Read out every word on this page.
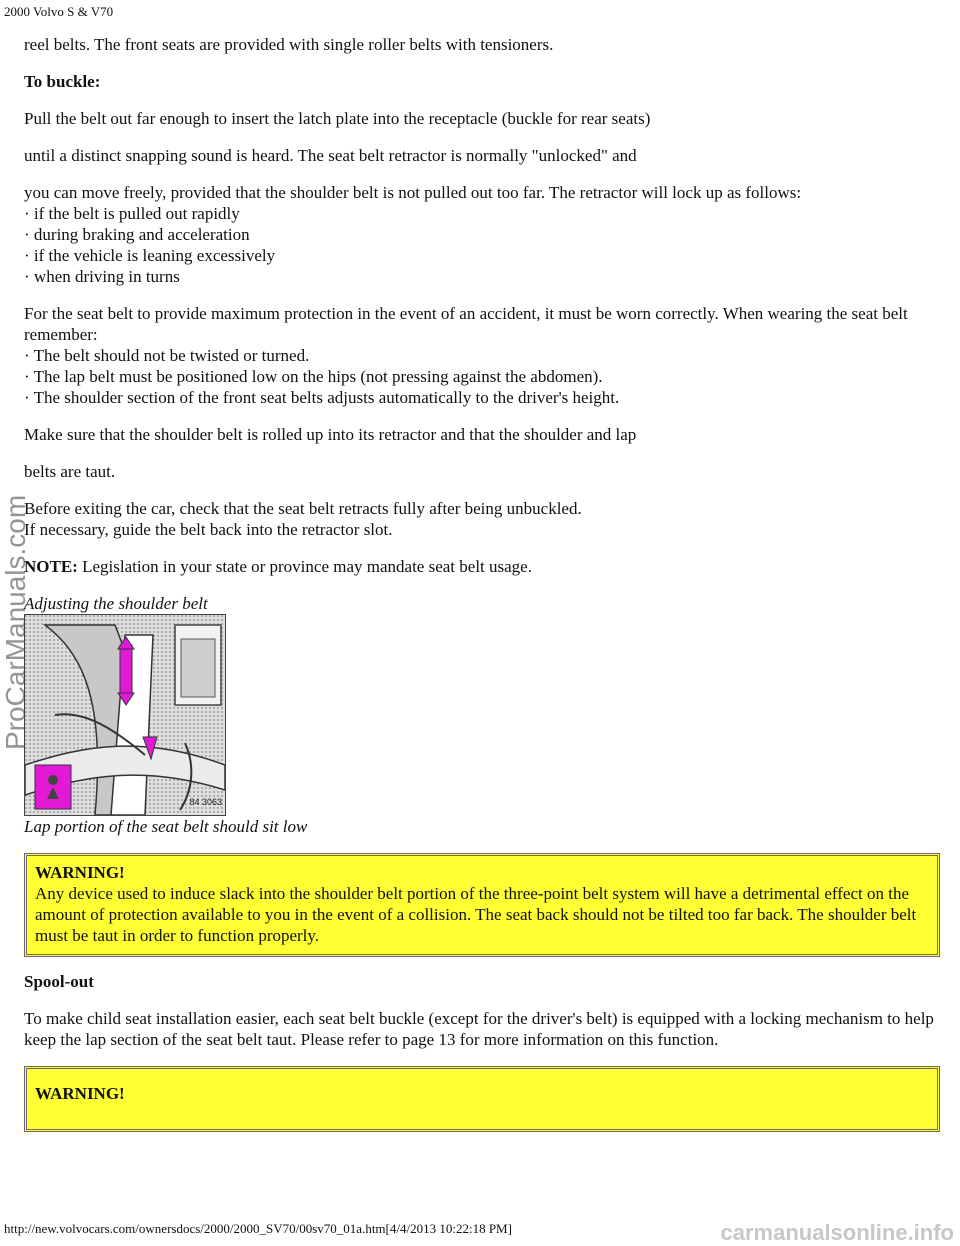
2000 Volvo S & V70
reel belts. The front seats are provided with single roller belts with tensioners.
To buckle:
Pull the belt out far enough to insert the latch plate into the receptacle (buckle for rear seats)
until a distinct snapping sound is heard. The seat belt retractor is normally "unlocked" and
you can move freely, provided that the shoulder belt is not pulled out too far. The retractor will lock up as follows:
· if the belt is pulled out rapidly
· during braking and acceleration
· if the vehicle is leaning excessively
· when driving in turns
For the seat belt to provide maximum protection in the event of an accident, it must be worn correctly. When wearing the seat belt remember:
· The belt should not be twisted or turned.
· The lap belt must be positioned low on the hips (not pressing against the abdomen).
· The shoulder section of the front seat belts adjusts automatically to the driver's height.
Make sure that the shoulder belt is rolled up into its retractor and that the shoulder and lap
belts are taut.
Before exiting the car, check that the seat belt retracts fully after being unbuckled.
If necessary, guide the belt back into the retractor slot.
NOTE: Legislation in your state or province may mandate seat belt usage.
Adjusting the shoulder belt
84 3063
Lap portion of the seat belt should sit low
WARNING!
Any device used to induce slack into the shoulder belt portion of the three-point belt system will have a detrimental effect on the amount of protection available to you in the event of a collision. The seat back should not be tilted too far back. The shoulder belt must be taut in order to function properly.
Spool-out
To make child seat installation easier, each seat belt buckle (except for the driver's belt) is equipped with a locking mechanism to help keep the lap section of the seat belt taut. Please refer to page 13 for more information on this function.
WARNING!
ProCarManuals.com
http://new.volvocars.com/ownersdocs/2000/2000_SV70/00sv70_01a.htm[4/4/2013 10:22:18 PM]	carmanualsonline.info
